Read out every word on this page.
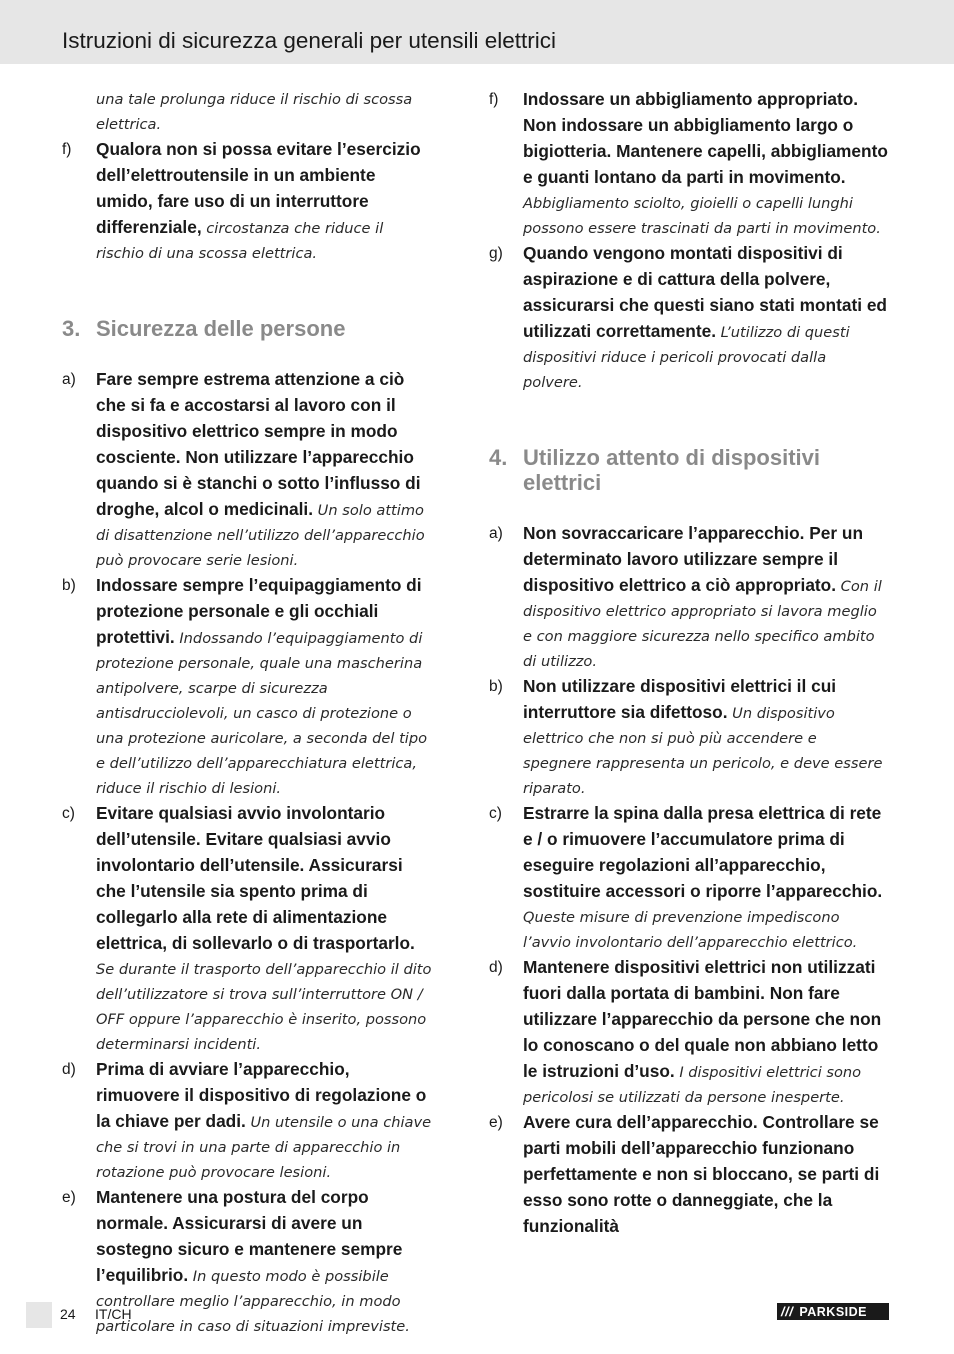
Istruzioni di sicurezza generali per utensili elettrici
una tale prolunga riduce il rischio di scossa elettrica.
f)	Qualora non si possa evitare l’esercizio dell’elettroutensile in un ambiente umido, fare uso di un interruttore differenziale, circostanza che riduce il rischio di una scossa elettrica.
3. Sicurezza delle persone
a)	Fare sempre estrema attenzione a ciò che si fa e accostarsi al lavoro con il dispositivo elettrico sempre in modo cosciente. Non utilizzare l’apparecchio quando si è stanchi o sotto l’influsso di droghe, alcol o medicinali. Un solo attimo di disattenzione nell’utilizzo dell’apparecchio può provocare serie lesioni.
b)	Indossare sempre l’equipaggiamento di protezione personale e gli occhiali protettivi. Indossando l’equipaggiamento di protezione personale, quale una mascherina antipolvere, scarpe di sicurezza antisdrucciolevoli, un casco di protezione o una protezione auricolare, a seconda del tipo e dell’utilizzo dell’apparecchiatura elettrica, riduce il rischio di lesioni.
c)	Evitare qualsiasi avvio involontario dell’utensile. Evitare qualsiasi avvio involontario dell’utensile. Assicurarsi che l’utensile sia spento prima di collegarlo alla rete di alimentazione elettrica, di sollevarlo o di trasportarlo. Se durante il trasporto dell’apparecchio il dito dell’utilizzatore si trova sull’interruttore ON / OFF oppure l’apparecchio è inserito, possono determinarsi incidenti.
d)	Prima di avviare l’apparecchio, rimuovere il dispositivo di regolazione o la chiave per dadi. Un utensile o una chiave che si trovi in una parte di apparecchio in rotazione può provocare lesioni.
e)	Mantenere una postura del corpo normale. Assicurarsi di avere un sostegno sicuro e mantenere sempre l’equilibrio. In questo modo è possibile controllare meglio l’apparecchio, in modo particolare in caso di situazioni impreviste.
f)	Indossare un abbigliamento appropriato. Non indossare un abbigliamento largo o bigiotteria. Mantenere capelli, abbigliamento e guanti lontano da parti in movimento. Abbigliamento sciolto, gioielli o capelli lunghi possono essere trascinati da parti in movimento.
g)	Quando vengono montati dispositivi di aspirazione e di cattura della polvere, assicurarsi che questi siano stati montati ed utilizzati correttamente. L’utilizzo di questi dispositivi riduce i pericoli provocati dalla polvere.
4. Utilizzo attento di dispositivi elettrici
a)	Non sovraccaricare l’apparecchio. Per un determinato lavoro utilizzare sempre il dispositivo elettrico a ciò appropriato. Con il dispositivo elettrico appropriato si lavora meglio e con maggiore sicurezza nello specifico ambito di utilizzo.
b)	Non utilizzare dispositivi elettrici il cui interruttore sia difettoso. Un dispositivo elettrico che non si può più accendere e spegnere rappresenta un pericolo, e deve essere riparato.
c)	Estrarre la spina dalla presa elettrica di rete e / o rimuovere l’accumulatore prima di eseguire regolazioni all’apparecchio, sostituire accessori o riporre l’apparecchio. Queste misure di prevenzione impediscono l’avvio involontario dell’apparecchio elettrico.
d)	Mantenere dispositivi elettrici non utilizzati fuori dalla portata di bambini. Non fare utilizzare l’apparecchio da persone che non lo conoscano o del quale non abbiano letto le istruzioni d’uso. I dispositivi elettrici sono pericolosi se utilizzati da persone inesperte.
e)	Avere cura dell’apparecchio. Controllare se parti mobili dell’apparecchio funzionano perfettamente e non si bloccano, se parti di esso sono rotte o danneggiate, che la funzionalità
24 IT/CH	/// PARKSIDE
